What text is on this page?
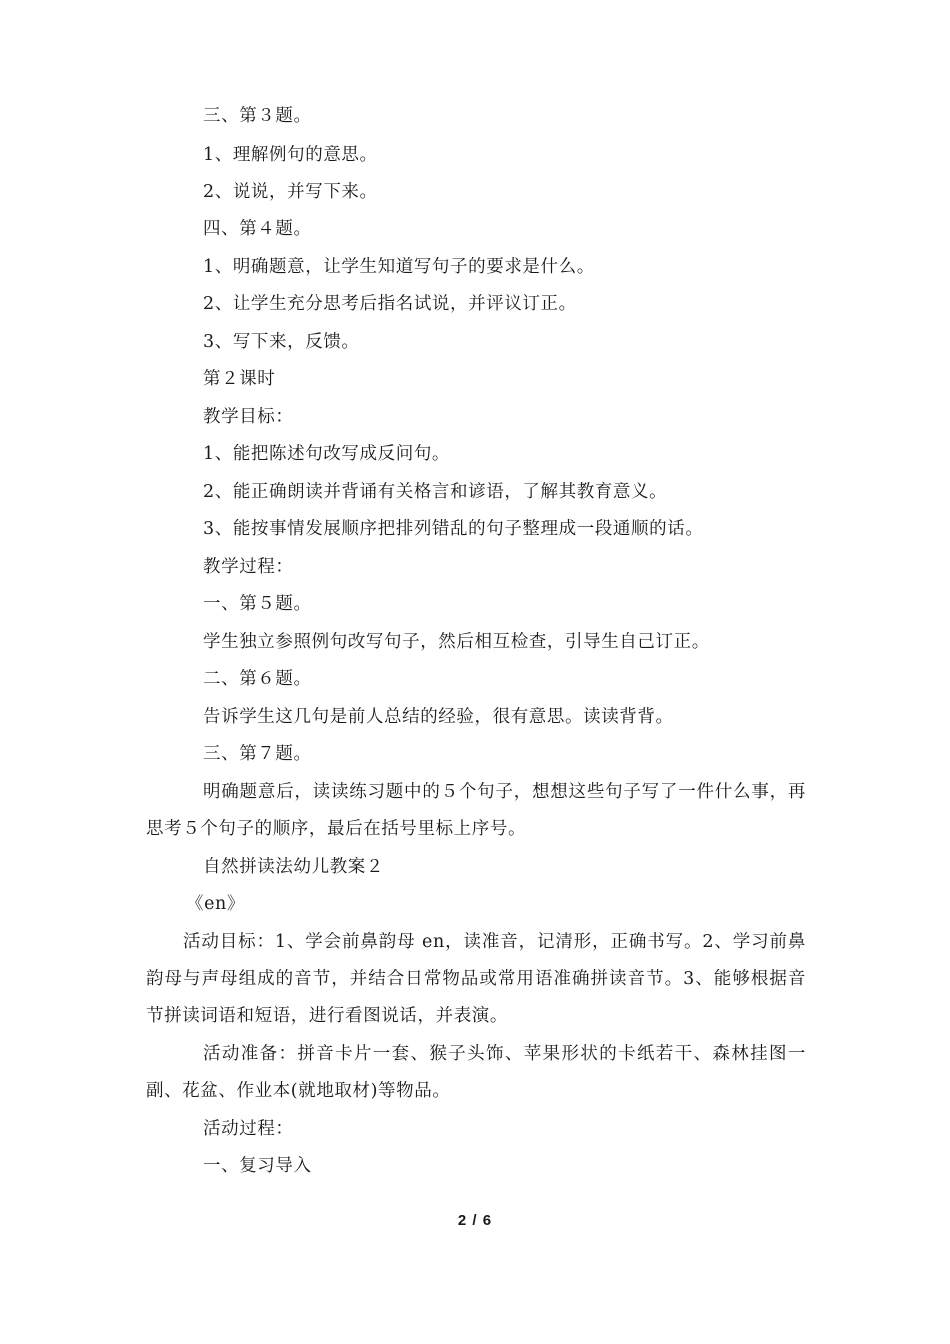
三、第３题。
1、理解例句的意思。
2、说说，并写下来。
四、第４题。
1、明确题意，让学生知道写句子的要求是什么。
2、让学生充分思考后指名试说，并评议订正。
3、写下来，反馈。
第２课时
教学目标：
1、能把陈述句改写成反问句。
2、能正确朗读并背诵有关格言和谚语，了解其教育意义。
3、能按事情发展顺序把排列错乱的句子整理成一段通顺的话。
教学过程：
一、第５题。
学生独立参照例句改写句子，然后相互检查，引导生自己订正。
二、第６题。
告诉学生这几句是前人总结的经验，很有意思。读读背背。
三、第７题。
明确题意后，读读练习题中的５个句子，想想这些句子写了一件什么事，再思考５个句子的顺序，最后在括号里标上序号。
自然拼读法幼儿教案２
《en》
活动目标：1、学会前鼻韵母 en，读准音，记清形，正确书写。2、学习前鼻韵母与声母组成的音节，并结合日常物品或常用语准确拼读音节。3、能够根据音节拼读词语和短语，进行看图说话，并表演。
活动准备：拼音卡片一套、猴子头饰、苹果形状的卡纸若干、森林挂图一副、花盆、作业本(就地取材)等物品。
活动过程：
一、复习导入
2 / 6
